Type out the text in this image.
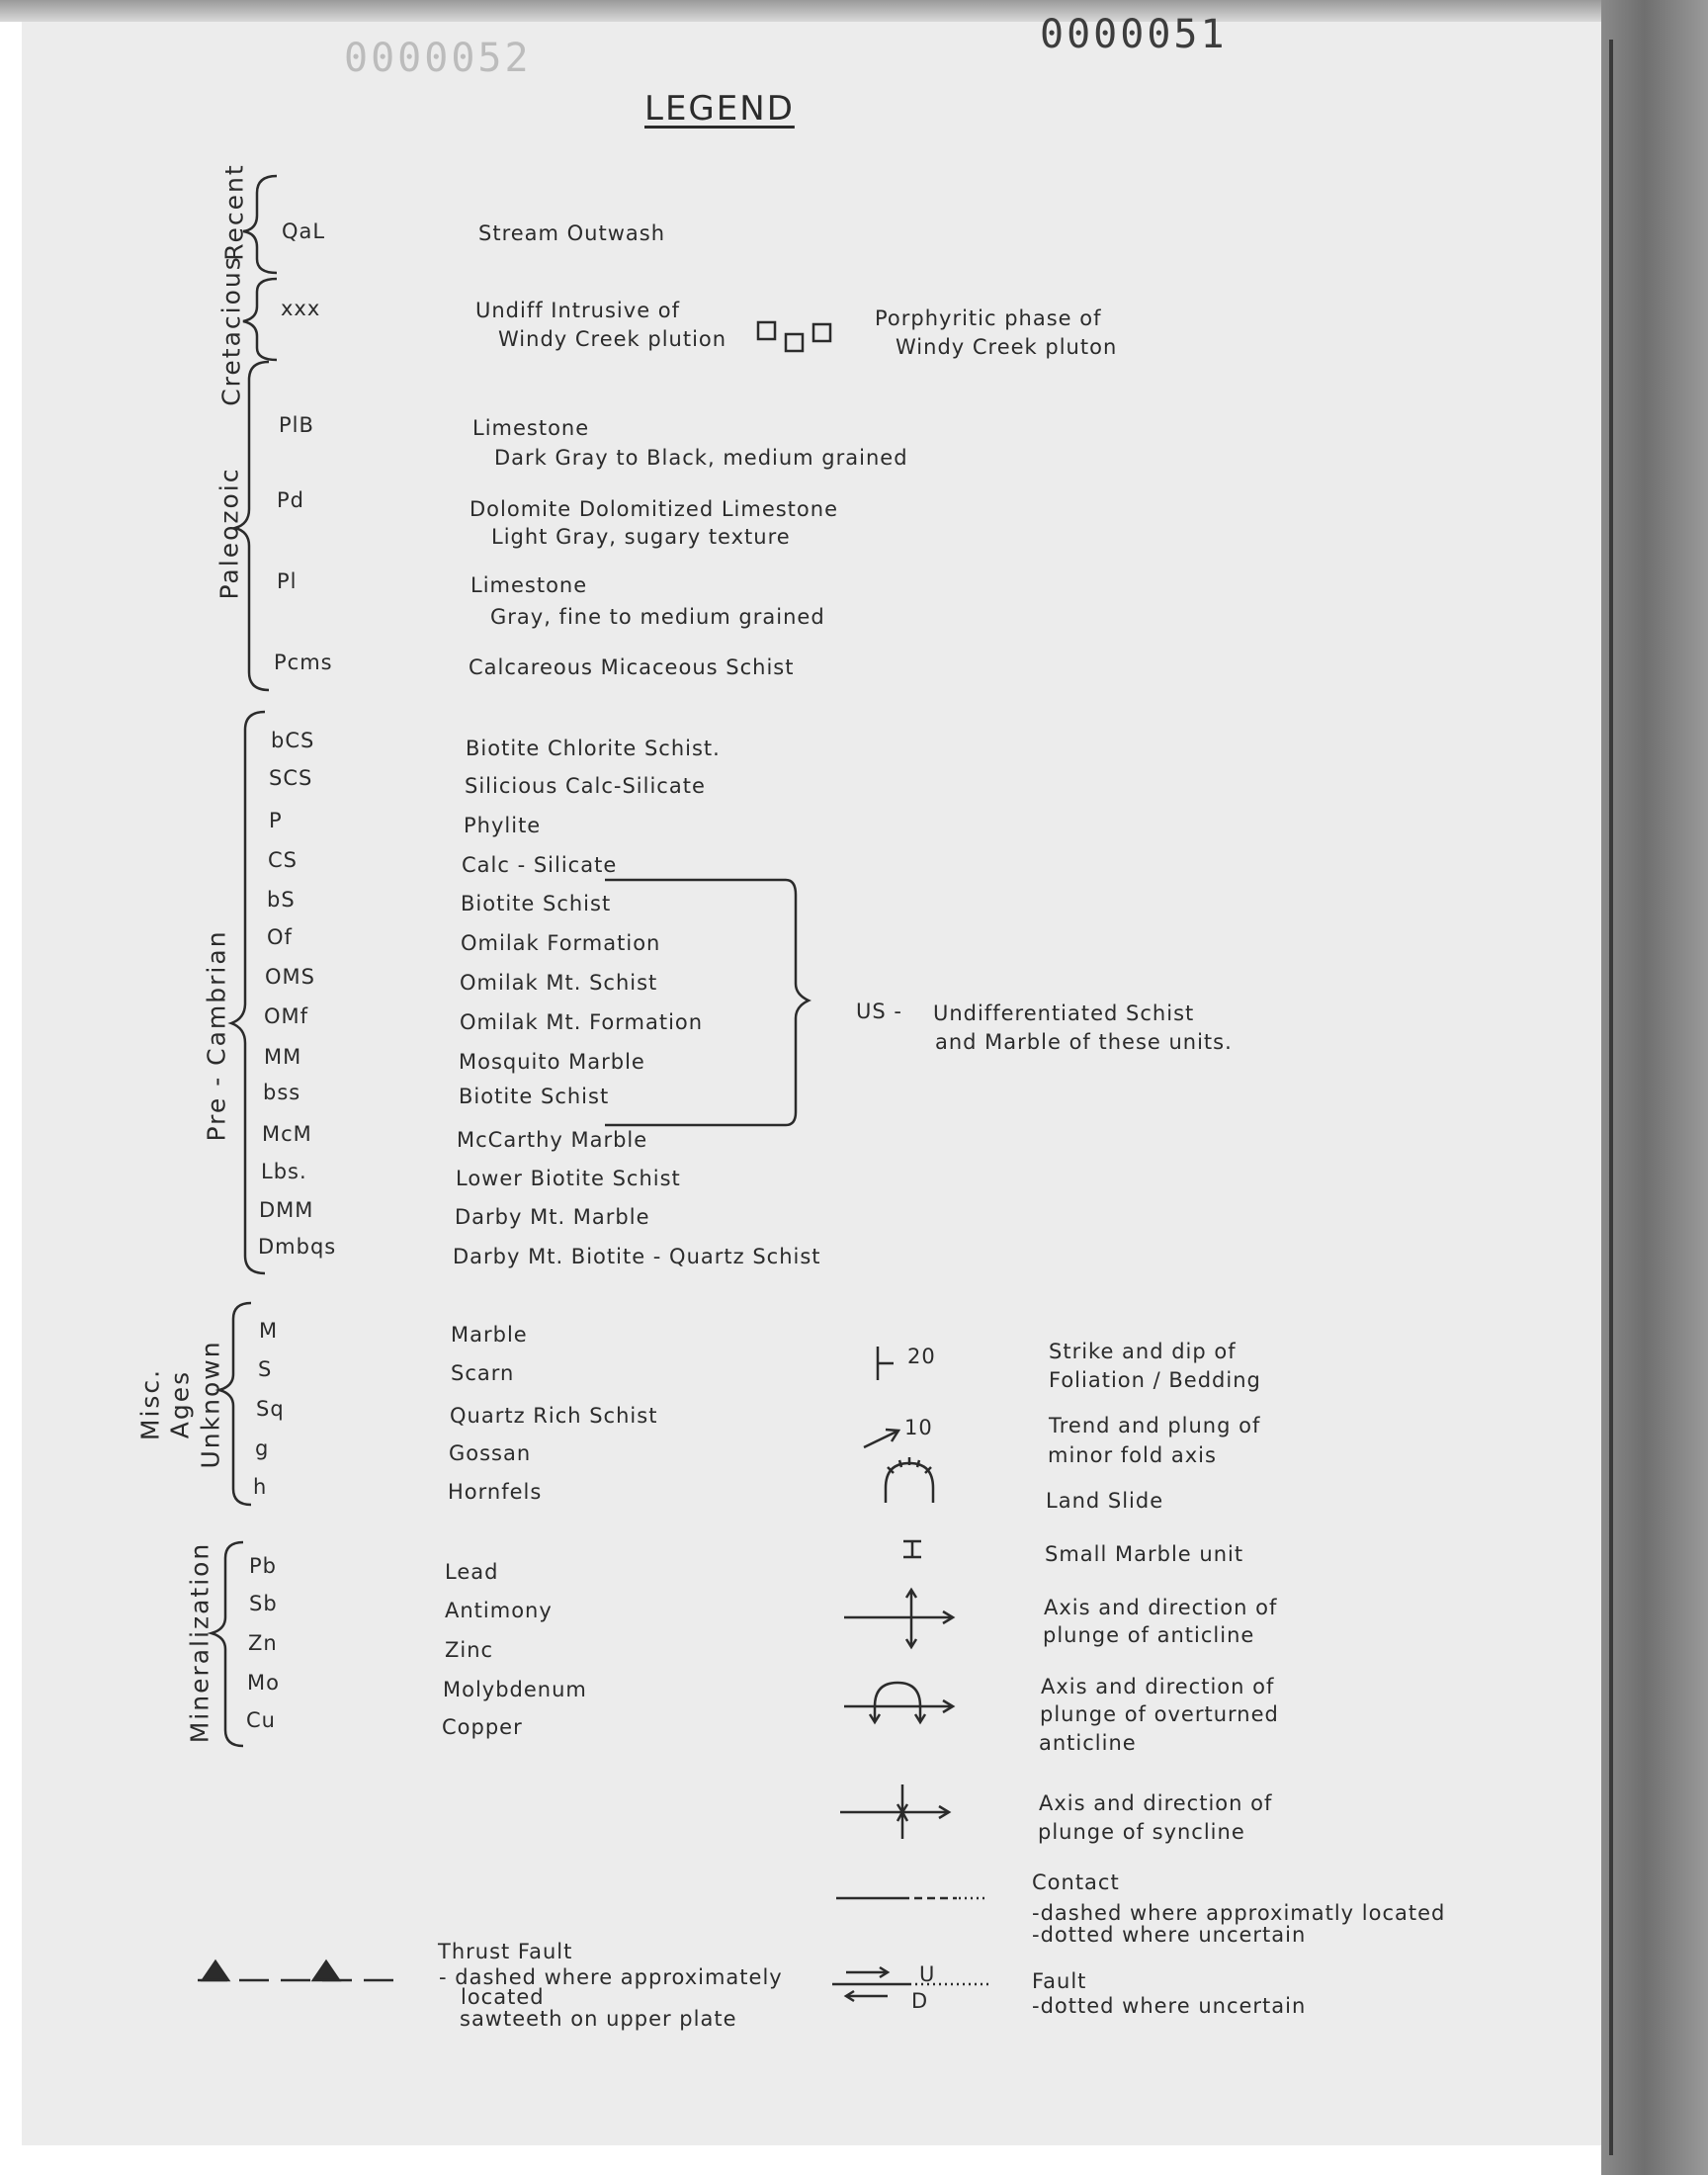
0000051
0000052
LEGEND
Recent
Cretacious
Paleozoic
Pre - Cambrian
Misc. Ages Unknown
Mineralization
QaL	Stream Outwash
xxx	Undiff Intrusive of
Windy Creek plution
PlB	Limestone
Dark Gray to Black, medium grained
Pd	Dolomite Dolomitized Limestone
Light Gray, sugary texture
Pl	Limestone
Gray, fine to medium grained
Pcms	Calcareous Micaceous Schist
bCS	Biotite Chlorite Schist.
SCS	Silicious Calc-Silicate
P	Phylite
CS	Calc - Silicate
bS	Biotite Schist
Of	Omilak Formation
OMS	Omilak Mt. Schist
OMf	Omilak Mt. Formation
MM	Mosquito Marble
bss	Biotite Schist
McM	McCarthy Marble
Lbs.	Lower Biotite Schist
DMM	Darby Mt. Marble
Dmbqs	Darby Mt. Biotite - Quartz Schist
M	Marble
S	Scarn
Sq	Quartz Rich Schist
g	Gossan
h	Hornfels
Pb	Lead
Sb	Antimony
Zn	Zinc
Mo	Molybdenum
Cu	Copper
Porphyritic phase of
Windy Creek pluton
US - Undifferentiated Schist
and Marble of these units.
20	Strike and dip of
Foliation / Bedding
10	Trend and plung of
minor fold axis
Land Slide
Small Marble unit
Axis and direction of
plunge of anticline
Axis and direction of
plunge of overturned
anticline
Axis and direction of
plunge of syncline
Contact
-dashed where approximatly located
-dotted where uncertain
U
D
Fault
-dotted where uncertain
Thrust Fault
- dashed where approximately
located
sawteeth on upper plate
